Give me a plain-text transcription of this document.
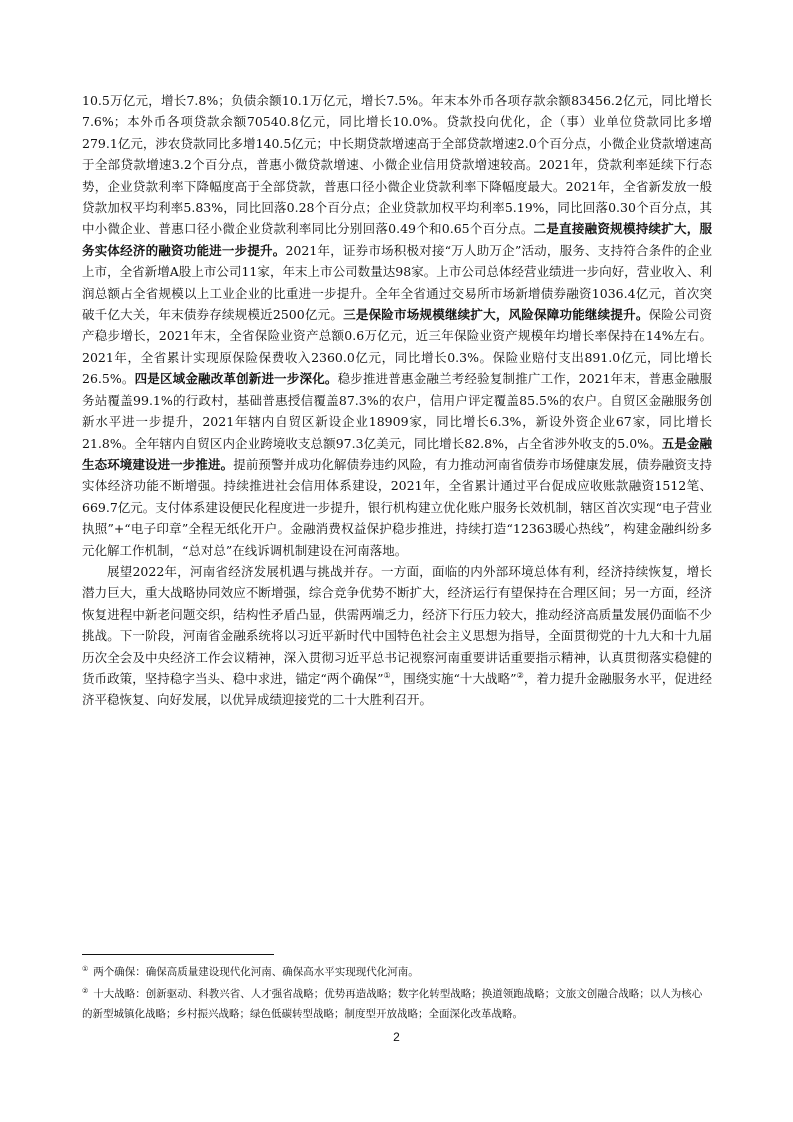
10.5万亿元，增长7.8%；负债余额10.1万亿元，增长7.5%。年末本外币各项存款余额83456.2亿元，同比增长7.6%；本外币各项贷款余额70540.8亿元，同比增长10.0%。贷款投向优化，企（事）业单位贷款同比多增279.1亿元，涉农贷款同比多增140.5亿元；中长期贷款增速高于全部贷款增速2.0个百分点，小微企业贷款增速高于全部贷款增速3.2个百分点，普惠小微贷款增速、小微企业信用贷款增速较高。2021年，贷款利率延续下行态势，企业贷款利率下降幅度高于全部贷款，普惠口径小微企业贷款利率下降幅度最大。2021年，全省新发放一般贷款加权平均利率5.83%，同比回落0.28个百分点；企业贷款加权平均利率5.19%，同比回落0.30个百分点，其中小微企业、普惠口径小微企业贷款利率同比分别回落0.49个和0.65个百分点。二是直接融资规模持续扩大，服务实体经济的融资功能进一步提升。2021年，证券市场积极对接“万人助万企”活动，服务、支持符合条件的企业上市，全省新增A股上市公司11家，年末上市公司数量达98家。上市公司总体经营业绩进一步向好，营业收入、利润总额占全省规模以上工业企业的比重进一步提升。全年全省通过交易所市场新增债券融资1036.4亿元，首次突破千亿大关，年末债券存续规模近2500亿元。三是保险市场规模继续扩大，风险保障功能继续提升。保险公司资产稳步增长，2021年末，全省保险业资产总额0.6万亿元，近三年保险业资产规模年均增长率保持在14%左右。2021年，全省累计实现原保险保费收入2360.0亿元，同比增长0.3%。保险业赔付支出891.0亿元，同比增长26.5%。四是区域金融改革创新进一步深化。稳步推进普惠金融兰考经验复制推广工作，2021年末，普惠金融服务站覆盖99.1%的行政村，基础普惠授信覆盖87.3%的农户，信用户评定覆盖85.5%的农户。自贸区金融服务创新水平进一步提升，2021年辖内自贸区新设企业18909家，同比增长6.3%，新设外资企业67家，同比增长21.8%。全年辖内自贸区内企业跨境收支总额97.3亿美元，同比增长82.8%，占全省涉外收支的5.0%。五是金融生态环境建设进一步推进。提前预警并成功化解债券违约风险，有力推动河南省债券市场健康发展，债券融资支持实体经济功能不断增强。持续推进社会信用体系建设，2021年，全省累计通过平台促成应收账款融资1512笔、669.7亿元。支付体系建设便民化程度进一步提升，银行机构建立优化账户服务长效机制，辖区首次实现“电子营业执照”+“电子印章”全程无纸化开户。金融消费权益保护稳步推进，持续打造“12363暖心热线”，构建金融纠纷多元化解工作机制，“总对总”在线诉调机制建设在河南落地。

展望2022年，河南省经济发展机遇与挑战并存。一方面，面临的内外部环境总体有利，经济持续恢复，增长潜力巨大，重大战略协同效应不断增强，综合竞争优势不断扩大，经济运行有望保持在合理区间；另一方面，经济恢复进程中新老问题交织，结构性矛盾凸显，供需两端乏力，经济下行压力较大，推动经济高质量发展仍面临不少挑战。下一阶段，河南省金融系统将以习近平新时代中国特色社会主义思想为指导，全面贯彻党的十九大和十九届历次全会及中央经济工作会议精神，深入贯彻习近平总书记视察河南重要讲话重要指示精神，认真贯彻落实稳健的货币政策，坚持稳字当头、稳中求进，锚定“两个确保”①，围绕实施“十大战略”②，着力提升金融服务水平，促进经济平稳恢复、向好发展，以优异成绩迎接党的二十大胜利召开。

① 两个确保：确保高质量建设现代化河南、确保高水平实现现代化河南。

② 十大战略：创新驱动、科教兴省、人才强省战略；优势再造战略；数字化转型战略；换道领跑战略；文旅文创融合战略；以人为核心的新型城镇化战略；乡村振兴战略；绿色低碳转型战略；制度型开放战略；全面深化改革战略。

2
